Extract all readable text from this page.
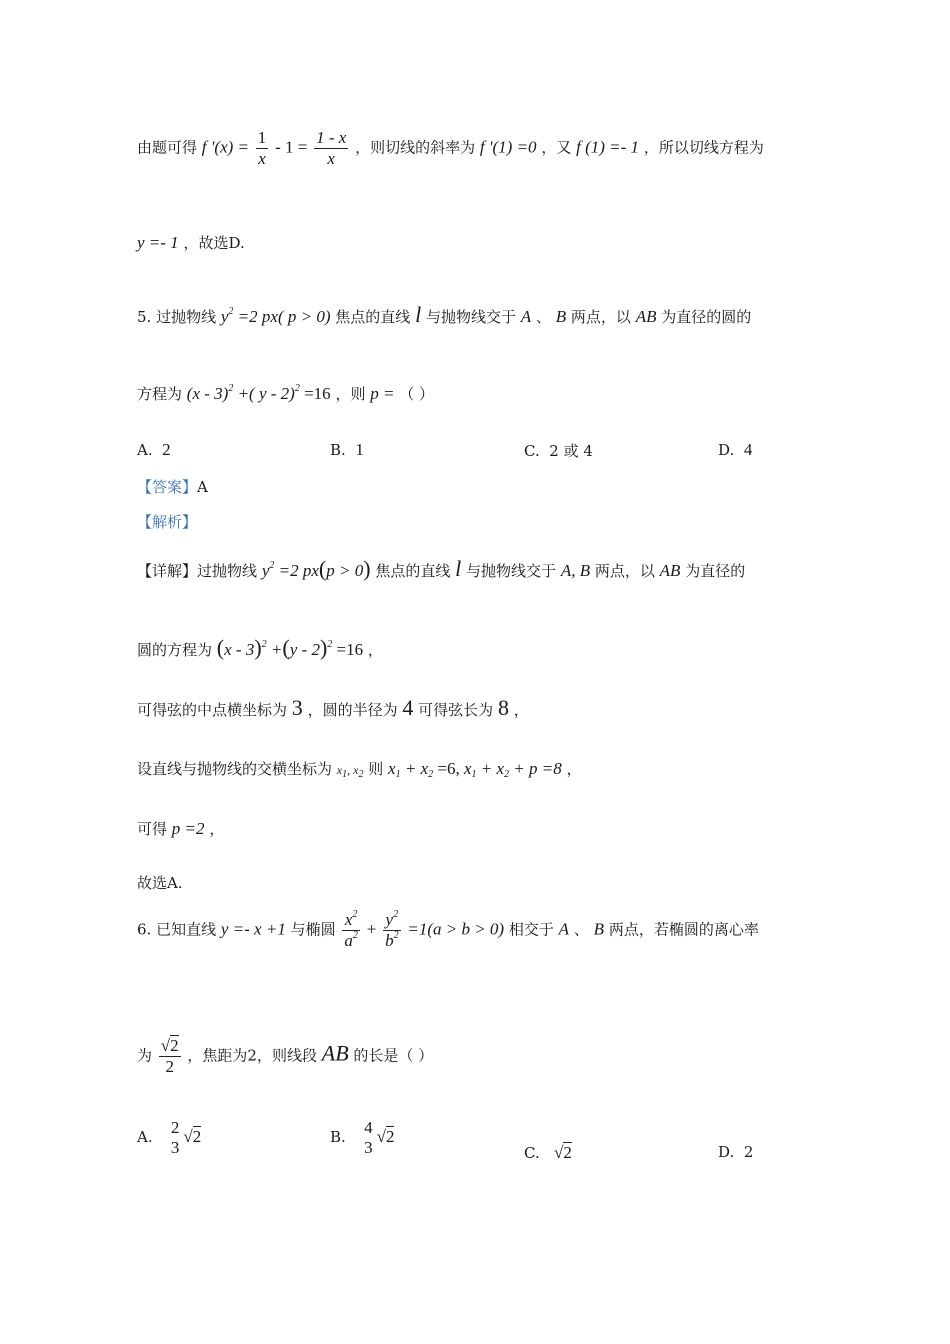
由题可得 f '$(x) = \frac{1}{x} - 1 = \frac{1 - x}{x}$ ，则切线的斜率为 f '(1) =0 ，又 f (1) =- 1 ，所以切线方程为
y =- 1 ，故选D.
5. 过抛物线 $y^2 =2$ px( p > 0) 焦点的直线 l 与抛物线交于 A 、 B 两点，以 AB 为直径的圆的
方程为 (x - 3)$^2$ +( y - 2)$^2$ =16 ，则 p = （ ）
A. 2	B. 1	C. 2 或 4	D. 4
【答案】A
【解析】
【详解】过抛物线 $y^2 =2$ px(p > 0) 焦点的直线 l 与抛物线交于 A, B 两点，以 AB 为直径的
圆的方程为 (x - 3)$^2$ +(y - 2)$^2$ =16 ，
可得弦的中点横坐标为 3 ，圆的半径为 4 可得弦长为 8 ，
设直线与抛物线的交横坐标为 $x_1$, $x_2$ 则 $x_1 + x_2 =6$, $x_1 + x_2 + p =8$ ，
可得 p =2 ，
故选A.
6. 已知直线 y =- x +1 与椭圆 $\frac{x^2}{a^2} + \frac{y^2}{b^2} =1(a > b > 0)$ 相交于 A 、 B 两点，若椭圆的离心率
为 $\frac{√2}{2}$ ，焦距为2，则线段 AB 的长是（ ）
A. 2
3
√2	B. 4
3
√2
C. √2	D. 2
